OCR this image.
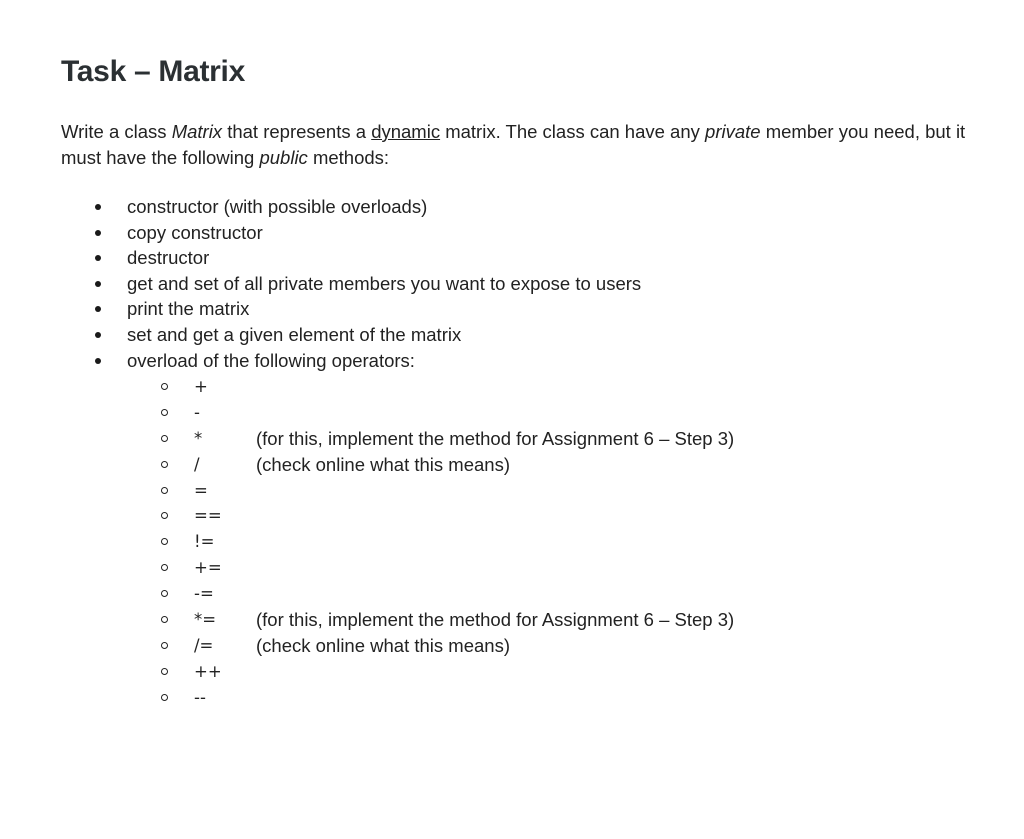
Task – Matrix

Write a class Matrix that represents a dynamic matrix. The class can have any private member you need, but it must have the following public methods:

constructor (with possible overloads)
copy constructor
destructor
get and set of all private members you want to expose to users
print the matrix
set and get a given element of the matrix
overload of the following operators:
+
-
*	(for this, implement the method for Assignment 6 – Step 3)
/	(check online what this means)
=
==
!=
+=
-=
*= (for this, implement the method for Assignment 6 – Step 3)
/= (check online what this means)
++
--
